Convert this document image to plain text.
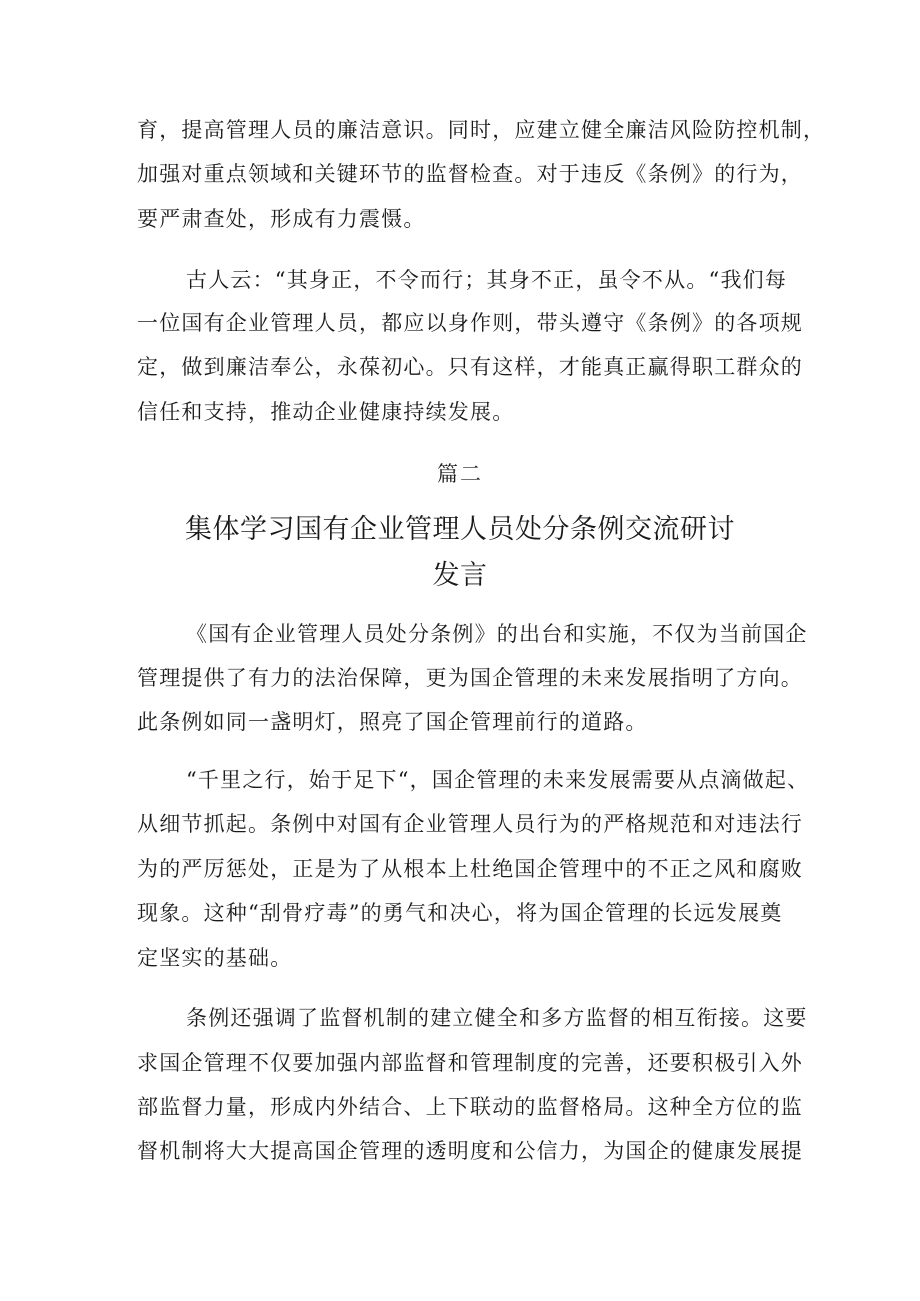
育，提高管理人员的廉洁意识。同时，应建立健全廉洁风险防控机制，
加强对重点领域和关键环节的监督检查。对于违反《条例》的行为，
要严肃查处，形成有力震慑。
古人云：“其身正，不令而行；其身不正，虽令不从。“我们每
一位国有企业管理人员，都应以身作则，带头遵守《条例》的各项规
定，做到廉洁奉公，永葆初心。只有这样，才能真正赢得职工群众的
信任和支持，推动企业健康持续发展。
篇二
集体学习国有企业管理人员处分条例交流研讨
发言
《国有企业管理人员处分条例》的出台和实施，不仅为当前国企
管理提供了有力的法治保障，更为国企管理的未来发展指明了方向。
此条例如同一盏明灯，照亮了国企管理前行的道路。
“千里之行，始于足下“，国企管理的未来发展需要从点滴做起、
从细节抓起。条例中对国有企业管理人员行为的严格规范和对违法行
为的严厉惩处，正是为了从根本上杜绝国企管理中的不正之风和腐败
现象。这种“刮骨疗毒”的勇气和决心，将为国企管理的长远发展奠
定坚实的基础。
条例还强调了监督机制的建立健全和多方监督的相互衔接。这要
求国企管理不仅要加强内部监督和管理制度的完善，还要积极引入外
部监督力量，形成内外结合、上下联动的监督格局。这种全方位的监
督机制将大大提高国企管理的透明度和公信力，为国企的健康发展提
